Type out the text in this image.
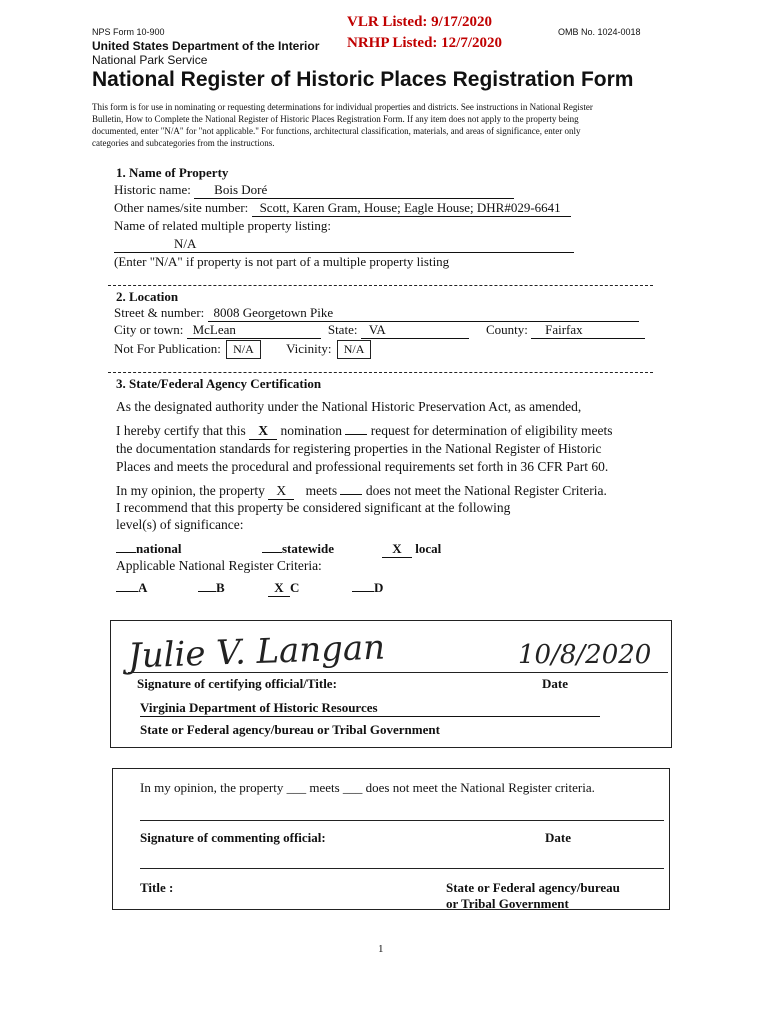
NPS Form 10-900
United States Department of the Interior
National Park Service
VLR Listed: 9/17/2020
NRHP Listed: 12/7/2020
OMB No. 1024-0018
National Register of Historic Places Registration Form
This form is for use in nominating or requesting determinations for individual properties and districts. See instructions in National Register
Bulletin, How to Complete the National Register of Historic Places Registration Form. If any item does not apply to the property being
documented, enter "N/A" for "not applicable." For functions, architectural classification, materials, and areas of significance, enter only
categories and subcategories from the instructions.
1. Name of Property
Historic name: Bois Doré
Other names/site number: Scott, Karen Gram, House; Eagle House; DHR#029-6641
Name of related multiple property listing:
N/A
(Enter "N/A" if property is not part of a multiple property listing
2. Location
Street & number: 8008 Georgetown Pike
City or town: McLean	State: VA	County: Fairfax
Not For Publication: N/A Vicinity: N/A
3. State/Federal Agency Certification
As the designated authority under the National Historic Preservation Act, as amended,
I hereby certify that this X nomination request for determination of eligibility meets
the documentation standards for registering properties in the National Register of Historic
Places and meets the procedural and professional requirements set forth in 36 CFR Part 60.
In my opinion, the property X meets does not meet the National Register Criteria.
I recommend that this property be considered significant at the following
level(s) of significance:
national	statewide	X local
Applicable National Register Criteria:
A	B	X C	D
Julie V. Langan	10/8/2020
Signature of certifying official/Title:	Date
Virginia Department of Historic Resources
State or Federal agency/bureau or Tribal Government
In my opinion, the property ___ meets ___ does not meet the National Register criteria.
Signature of commenting official:	Date
Title :	State or Federal agency/bureau
or Tribal Government
1
